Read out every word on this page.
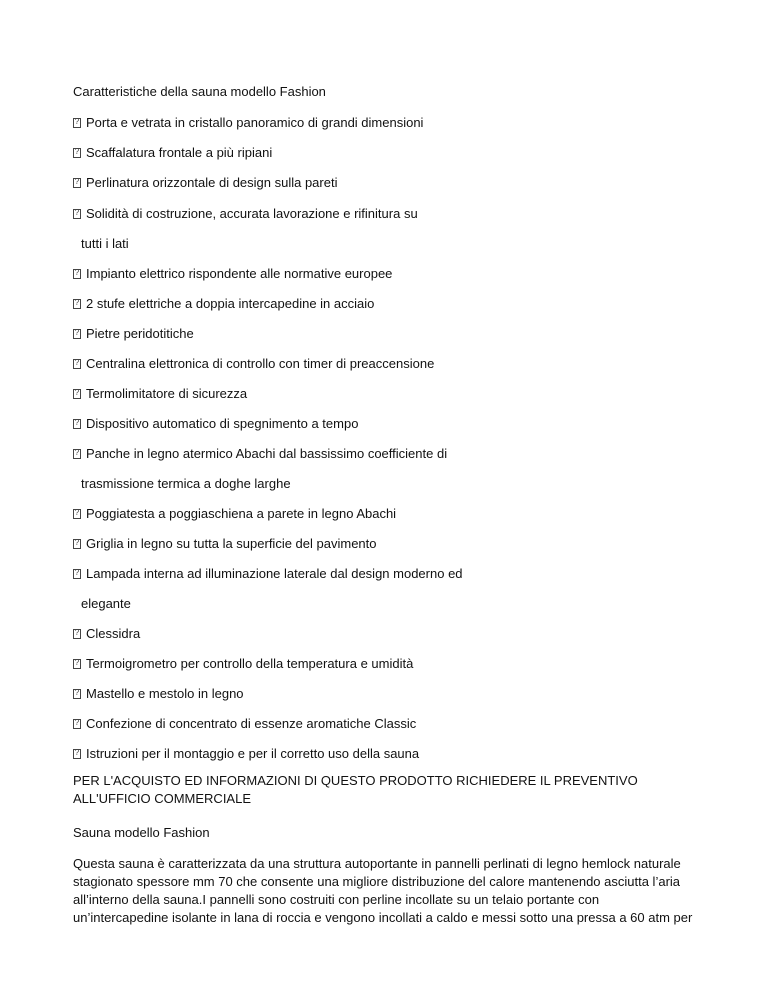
Caratteristiche della sauna modello Fashion
?Porta e vetrata in cristallo panoramico di grandi dimensioni
?Scaffalatura frontale a più ripiani
?Perlinatura orizzontale di design sulla pareti
?Solidità di costruzione, accurata lavorazione e rifinitura su
tutti i lati
?Impianto elettrico rispondente alle normative europee
?2 stufe elettriche a doppia intercapedine in acciaio
?Pietre peridotitiche
?Centralina elettronica di controllo con timer di preaccensione
?Termolimitatore di sicurezza
?Dispositivo automatico di spegnimento a tempo
?Panche in legno atermico Abachi dal bassissimo coefficiente di
trasmissione termica a doghe larghe
?Poggiatesta a poggiaschiena a parete in legno Abachi
?Griglia in legno su tutta la superficie del pavimento
?Lampada interna ad illuminazione laterale dal design moderno ed
elegante
?Clessidra
?Termoigrometro per controllo della temperatura e umidità
?Mastello e mestolo in legno
?Confezione di concentrato di essenze aromatiche Classic
?Istruzioni per il montaggio e per il corretto uso della sauna
PER L'ACQUISTO ED INFORMAZIONI DI QUESTO PRODOTTO RICHIEDERE IL PREVENTIVO ALL'UFFICIO COMMERCIALE
Sauna modello Fashion
Questa sauna è caratterizzata da una struttura autoportante in pannelli perlinati di legno hemlock naturale stagionato spessore mm 70 che consente una migliore distribuzione del calore mantenendo asciutta l’aria all’interno della sauna.I pannelli sono costruiti con perline incollate su un telaio portante con un’intercapedine isolante in lana di roccia e vengono incollati a caldo e messi sotto una pressa a 60 atm per
